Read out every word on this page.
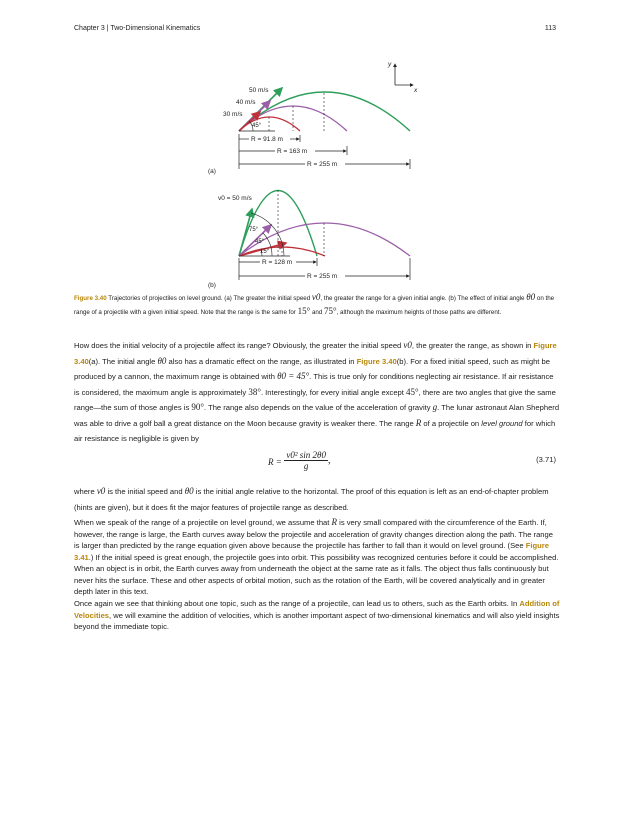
Chapter 3 | Two-Dimensional Kinematics	113
y
x
50 m/s
40 m/s
30 m/s
45°
R = 91.8 m
R = 163 m
R = 255 m
(a)
v0 = 50 m/s
75°
45°
15°
R = 128 m
R = 255 m
(b)
Figure 3.40 Trajectories of projectiles on level ground. (a) The greater the initial speed v0, the greater the range for a given initial angle. (b) The effect of initial angle θ0 on the range of a projectile with a given initial speed. Note that the range is the same for 15° and 75°, although the maximum heights of those paths are different.
How does the initial velocity of a projectile affect its range? Obviously, the greater the initial speed v0, the greater the range, as shown in Figure 3.40(a). The initial angle θ0 also has a dramatic effect on the range, as illustrated in Figure 3.40(b). For a fixed initial speed, such as might be produced by a cannon, the maximum range is obtained with θ0 = 45°. This is true only for conditions neglecting air resistance. If air resistance is considered, the maximum angle is approximately 38°. Interestingly, for every initial angle except 45°, there are two angles that give the same range—the sum of those angles is 90°. The range also depends on the value of the acceleration of gravity g. The lunar astronaut Alan Shepherd was able to drive a golf ball a great distance on the Moon because gravity is weaker there. The range R of a projectile on level ground for which air resistance is negligible is given by
$R = \frac{\text{v0² sin 2θ0}}{g}$ ,	(3.71)
where v0 is the initial speed and θ0 is the initial angle relative to the horizontal. The proof of this equation is left as an end-of-chapter problem (hints are given), but it does fit the major features of projectile range as described.
When we speak of the range of a projectile on level ground, we assume that R is very small compared with the circumference of the Earth. If, however, the range is large, the Earth curves away below the projectile and acceleration of gravity changes direction along the path. The range is larger than predicted by the range equation given above because the projectile has farther to fall than it would on level ground. (See Figure 3.41.) If the initial speed is great enough, the projectile goes into orbit. This possibility was recognized centuries before it could be accomplished. When an object is in orbit, the Earth curves away from underneath the object at the same rate as it falls. The object thus falls continuously but never hits the surface. These and other aspects of orbital motion, such as the rotation of the Earth, will be covered analytically and in greater depth later in this text.
Once again we see that thinking about one topic, such as the range of a projectile, can lead us to others, such as the Earth orbits. In Addition of Velocities, we will examine the addition of velocities, which is another important aspect of two-dimensional kinematics and will also yield insights beyond the immediate topic.
